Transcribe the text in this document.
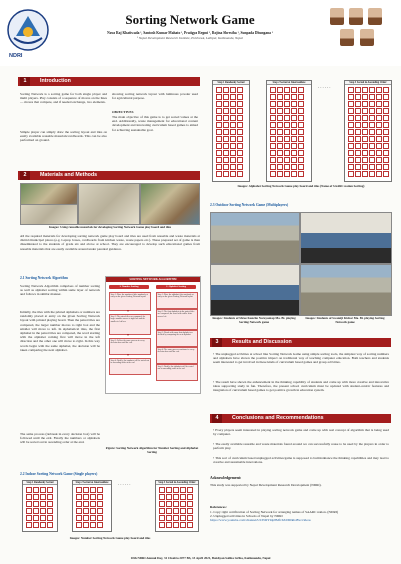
NDRI
Sorting Network Game
Nava Raj Khatiwada ¹, Santosh Kumar Mahato ¹, Pratigya Regmi ¹, Rojina Shrestha ¹, Sunpada Dhungana ¹
¹ Nepal Development Research Institute, Pulchowk, Lalitpur, Kathmandu, Nepal
1	Introduction
Sorting Network is a sorting game for both single player and multi players. Play consists of a sequence of moves on the lines — moves that compare, and if needed exchange, two elements.
Simple player can simply draw the sorting layout and tiles on easily available reusable materials/cardboards. This can be also performed on ground.
showing sorting network layout with luminous powder used for agricultural purpose.
OBJECTIVES
The main objective of this game is to get sorted values at the end. Additionally, waste management for educational content development and innovating curriculum based games is aimed for achieving sustainable goal.
2	Materials and Methods
Images: Using reusable materials for developing Sorting Network Game play board and tiles
All the required materials for developing sorting network game play board and tiles are used from reusable and waste materials at district/municipal places (e.g. Laptop boxes, cardboards from kitchen waste, waste papers etc.). These prepared set of game is then disseminated to the students of grade six and above at school. They are encouraged to develop such educational games from reusable materials that are easily available around under parental guidance.
2.1 Sorting Network Algorithm
Sorting Network Algorithm comprises of number sorting as well as alphabet sorting within same layer of network and follows in similar manner.
Initially, the tiles with the printed alphabets or numbers are randomly placed at entry on the given Sorting Network layout with printed playing board. Then the paired tiles are compared, the larger number moves to right box and the smaller will move to left. In alphabetical tiles, the first alphabet in the paired tiles are compared, the word starting with the alphabet coming first will move in the left direction and the other one will move to right. In this way words begin with the same alphabet, the decision will be taken comparing the next alphabet.
The same process (tiebreak in every decision box) will be followed until the exit. Finally the numbers or alphabets will be sorted out in ascending order at the end.
SORTING NETWORK ALGORITHM
1. Number Sorting	2. Alphabet Sorting
Step 1: Place the numbered tiles randomly at entry on the given Sorting Network layout
Step 2: The paired tiles are compared; the larger number moves to right box and the smaller to left box
Step 3: Follow the same process in every decision box until the exit
Step 4: Finally, the numbers will be sorted out in ascending order at the end
Step 1: Place the alphabet tiles randomly at entry on the given Sorting Network layout
Step 2: The first alphabets in the paired tiles are compared; the word with earlier letter moves left
Step 3: Words with same first alphabet are decided by comparing the next alphabet
Step 4: The same process continues in every decision box until the exit
Step 5: Finally, the alphabets will be sorted out in ascending order at the end
Figure: Sorting Network Algorithm for Number Sorting and Alphabet Sorting
2.2 Indoor Sorting Network Game (Single players)
Step 1 Randomly Sorted	Step 2 Sorted at Intermediate	......	Step 3 Sorted in Ascending Order
Images: Number Sorting Network Game play board and tiles
Step 1 Randomly Sorted	Step 2 Sorted at Intermediate
......
Step 3 Sorted in Ascending Order
Images: Alphabet Sorting Network Game play board and tiles (Name of SAARC nation Sorting)
2.3 Outdoor Sorting Network Game (Multiplayers)
Images: Students of Shree Kanchn Narayantap Ma. Bi. playing Sorting Network game
Images: Students of Swamiji Kishor Ma. Bi. playing Sorting Network game
3	Results and Discussion
• The unplugged activities at school like Sorting Network Game using simple sorting tools, the simplest way of sorting numbers and alphabets have shown the positive impact on traditional way of teaching computer education. Both teachers and students seem interested to get involved in these kinds of curriculum based games and group activities.
• The result have shown the enhancement in the thinking capability of students and come up with more creative and innovative ideas supporting study in fun. Therefore, the present school curriculum must be updated with student-centric features and integration of curriculum based games to get positive growth in education system.
4	Conclusions and Recommendations
• Every players seem interested in playing sorting network game and come up with real concept of algorithm that is being used by computer.
• The easily available reusable and waste materials found around we can successfully reuse to be used by the players in order to perform play.
• This sort of curriculum based unplugged activities/game is supposed to build/enhance the thinking capabilities and may lead to creative and sustainable innovations.
Acknowledgement:
This study was supported by Nepal Development Research Development (NDRI).
References:
1. Copy right certification of Sorting Network for arranging names of SAARC nation. (NDRI)
2. Unplugged activities in Schools of Nepal by NDRI
https://www.youtube.com/channel/UCEtRYIdp8MfvhX0D0kbd8w/videos
10th NDRI Annual Day, 31 Chaitra 2077 BS, 13 April 2021, Baishyan Sabha Griha, Kathmandu, Nepal
